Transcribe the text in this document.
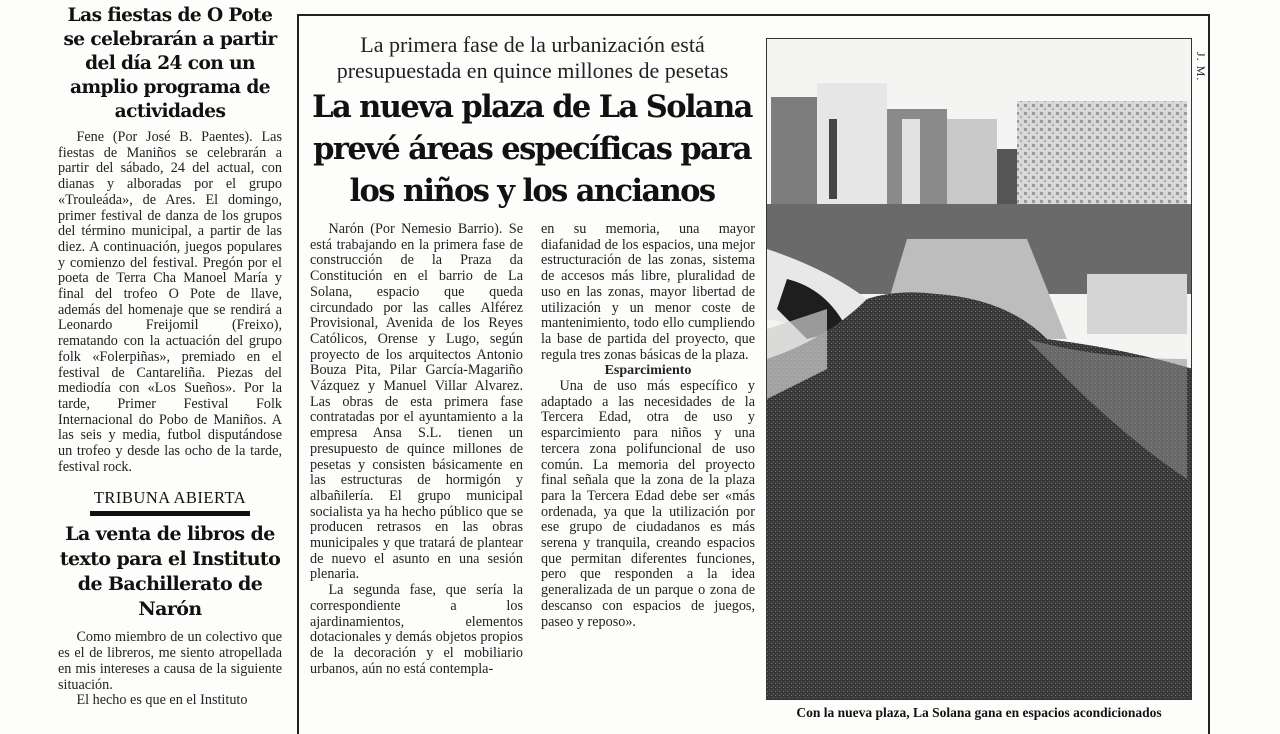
Las fiestas de O Pote se celebrarán a partir del día 24 con un amplio programa de actividades

Fene (Por José B. Paentes). Las fiestas de Maniños se celebrarán a partir del sábado, 24 del actual, con dianas y alboradas por el grupo «Trouleáda», de Ares. El domingo, primer festival de danza de los grupos del término municipal, a partir de las diez. A continuación, juegos populares y comienzo del festival. Pregón por el poeta de Terra Cha Manoel María y final del trofeo O Pote de llave, además del homenaje que se rendirá a Leonardo Freijomil (Freixo), rematando con la actuación del grupo folk «Folerpiñas», premiado en el festival de Cantareliña. Piezas del mediodía con «Los Sueños». Por la tarde, Primer Festival Folk Internacional do Pobo de Maniños. A las seis y media, futbol disputándose un trofeo y desde las ocho de la tarde, festival rock.

TRIBUNA ABIERTA
La venta de libros de texto para el Instituto de Bachillerato de Narón

Como miembro de un colectivo que es el de libreros, me siento atropellada en mis intereses a causa de la siguiente situación.

El hecho es que en el Instituto

La primera fase de la urbanización está presupuestada en quince millones de pesetas
La nueva plaza de La Solana prevé áreas específicas para los niños y los ancianos

Narón (Por Nemesio Barrio). Se está trabajando en la primera fase de construcción de la Praza da Constitución en el barrio de La Solana, espacio que queda circundado por las calles Alférez Provisional, Avenida de los Reyes Católicos, Orense y Lugo, según proyecto de los arquitectos Antonio Bouza Pita, Pilar García-Magariño Vázquez y Manuel Villar Alvarez. Las obras de esta primera fase contratadas por el ayuntamiento a la empresa Ansa S.L. tienen un presupuesto de quince millones de pesetas y consisten básicamente en las estructuras de hormigón y albañilería. El grupo municipal socialista ya ha hecho público que se producen retrasos en las obras municipales y que tratará de plantear de nuevo el asunto en una sesión plenaria.

La segunda fase, que sería la correspondiente a los ajardinamientos, elementos dotacionales y demás objetos propios de la decoración y el mobiliario urbanos, aún no está contempla-

en su memoria, una mayor diafanidad de los espacios, una mejor estructuración de las zonas, sistema de accesos más libre, pluralidad de uso en las zonas, mayor libertad de utilización y un menor coste de mantenimiento, todo ello cumpliendo la base de partida del proyecto, que regula tres zonas básicas de la plaza.

Esparcimiento

Una de uso más específico y adaptado a las necesidades de la Tercera Edad, otra de uso y esparcimiento para niños y una tercera zona polifuncional de uso común. La memoria del proyecto final señala que la zona de la plaza para la Tercera Edad debe ser «más ordenada, ya que la utilización por ese grupo de ciudadanos es más serena y tranquila, creando espacios que permitan diferentes funciones, pero que responden a la idea generalizada de un parque o zona de descanso con espacios de juegos, paseo y reposo».

J. M.
Con la nueva plaza, La Solana gana en espacios acondicionados
